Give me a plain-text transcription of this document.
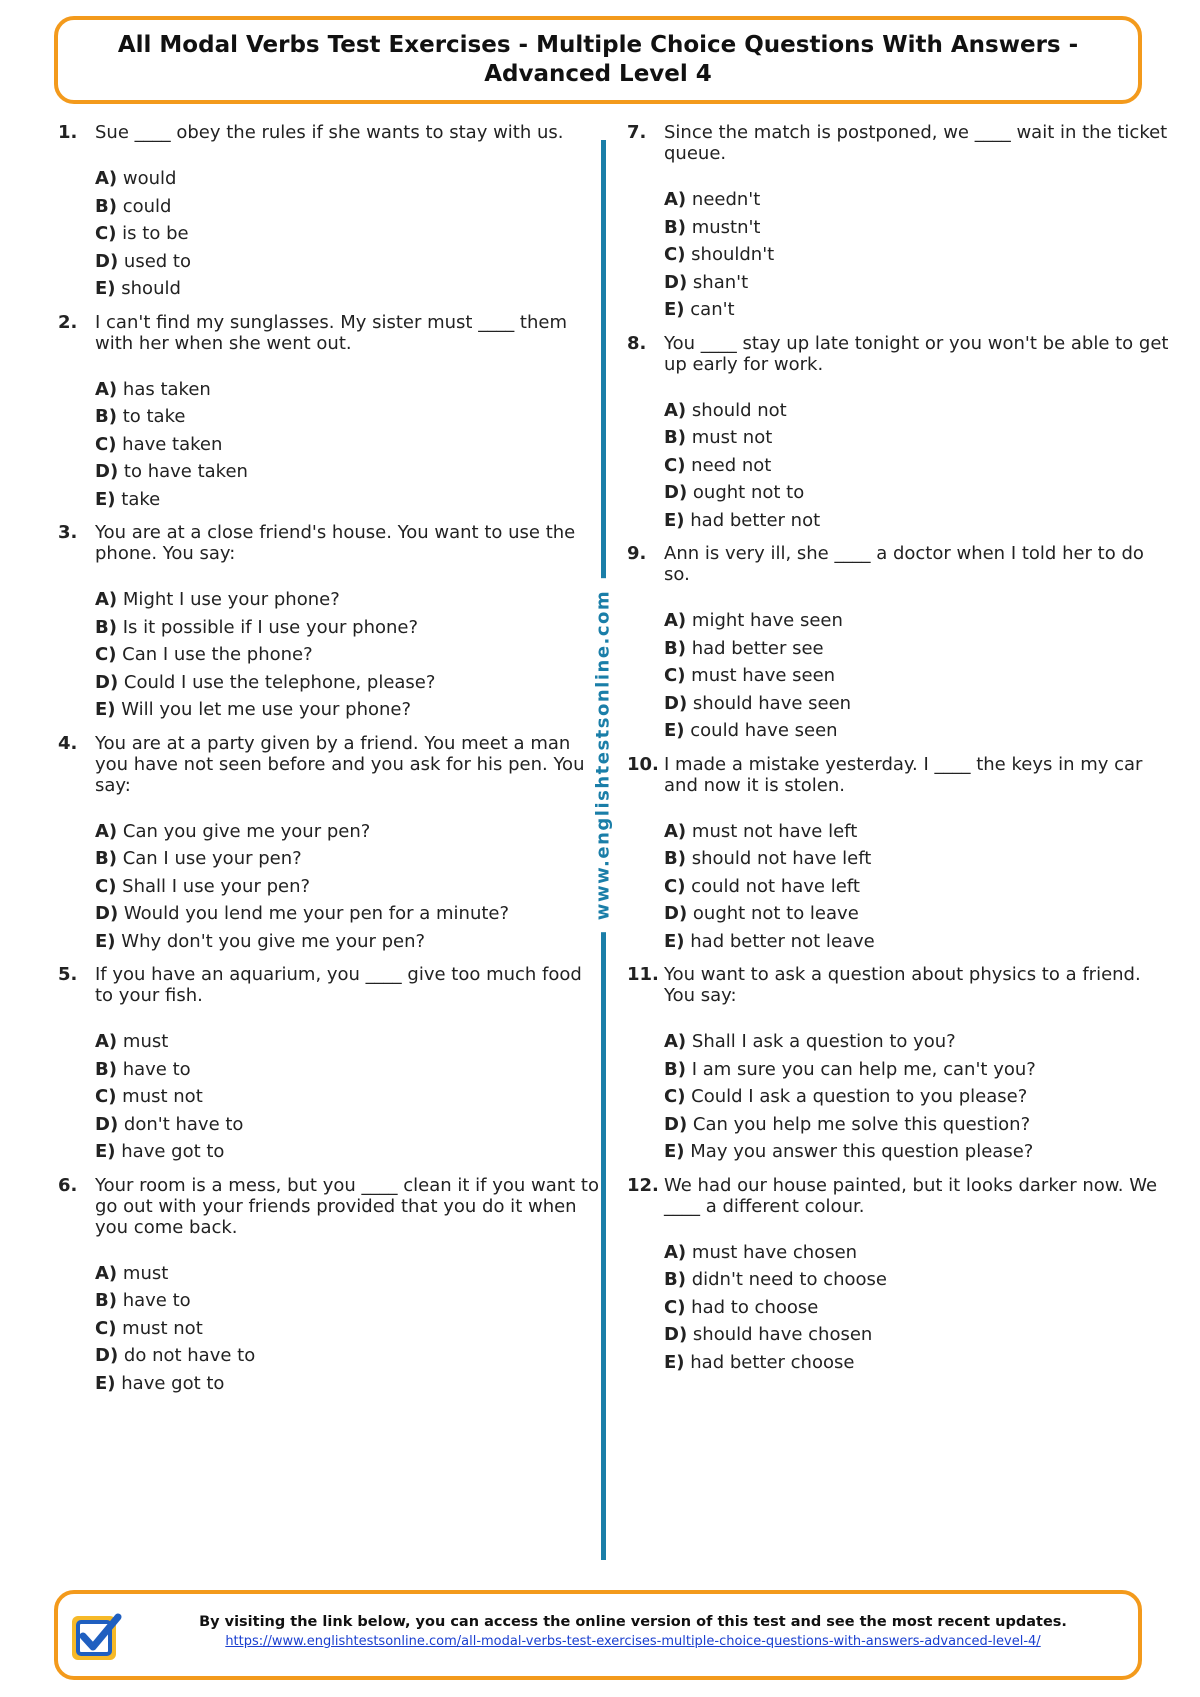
All Modal Verbs Test Exercises - Multiple Choice Questions With Answers - Advanced Level 4
1. Sue ____ obey the rules if she wants to stay with us.
A) would
B) could
C) is to be
D) used to
E) should
2. I can't find my sunglasses. My sister must ____ them with her when she went out.
A) has taken
B) to take
C) have taken
D) to have taken
E) take
3. You are at a close friend's house. You want to use the phone. You say:
A) Might I use your phone?
B) Is it possible if I use your phone?
C) Can I use the phone?
D) Could I use the telephone, please?
E) Will you let me use your phone?
4. You are at a party given by a friend. You meet a man you have not seen before and you ask for his pen. You say:
A) Can you give me your pen?
B) Can I use your pen?
C) Shall I use your pen?
D) Would you lend me your pen for a minute?
E) Why don't you give me your pen?
5. If you have an aquarium, you ____ give too much food to your fish.
A) must
B) have to
C) must not
D) don't have to
E) have got to
6. Your room is a mess, but you ____ clean it if you want to go out with your friends provided that you do it when you come back.
A) must
B) have to
C) must not
D) do not have to
E) have got to
www.englishtestsonline.com
7. Since the match is postponed, we ____ wait in the ticket queue.
A) needn't
B) mustn't
C) shouldn't
D) shan't
E) can't
8. You ____ stay up late tonight or you won't be able to get up early for work.
A) should not
B) must not
C) need not
D) ought not to
E) had better not
9. Ann is very ill, she ____ a doctor when I told her to do so.
A) might have seen
B) had better see
C) must have seen
D) should have seen
E) could have seen
10. I made a mistake yesterday. I ____ the keys in my car and now it is stolen.
A) must not have left
B) should not have left
C) could not have left
D) ought not to leave
E) had better not leave
11. You want to ask a question about physics to a friend. You say:
A) Shall I ask a question to you?
B) I am sure you can help me, can't you?
C) Could I ask a question to you please?
D) Can you help me solve this question?
E) May you answer this question please?
12. We had our house painted, but it looks darker now. We ____ a different colour.
A) must have chosen
B) didn't need to choose
C) had to choose
D) should have chosen
E) had better choose
By visiting the link below, you can access the online version of this test and see the most recent updates.
https://www.englishtestsonline.com/all-modal-verbs-test-exercises-multiple-choice-questions-with-answers-advanced-level-4/
